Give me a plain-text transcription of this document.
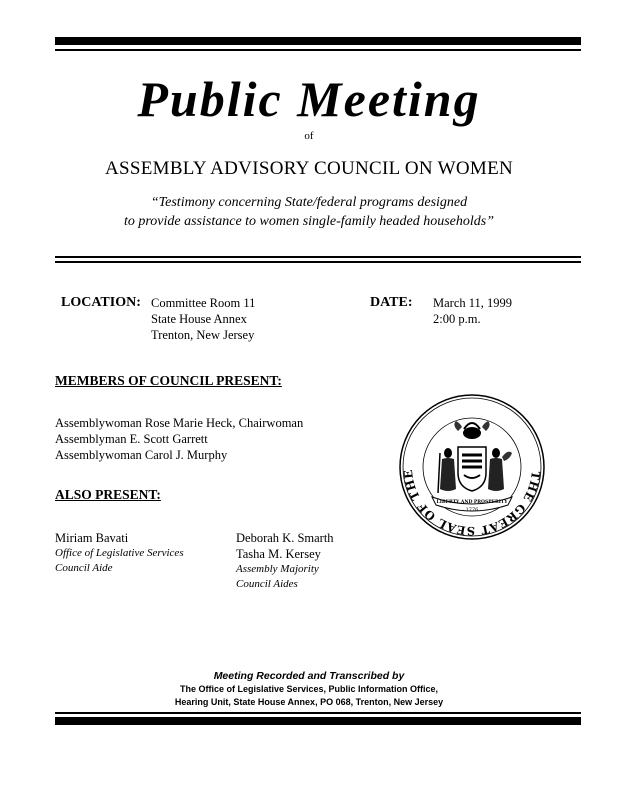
Public Meeting
of
ASSEMBLY ADVISORY COUNCIL ON WOMEN
“Testimony concerning State/federal programs designed
to provide assistance to women single-family headed households”
LOCATION: Committee Room 11
State House Annex
Trenton, New Jersey
DATE: March 11, 1999
2:00 p.m.
MEMBERS OF COUNCIL PRESENT:
Assemblywoman Rose Marie Heck, Chairwoman
Assemblyman E. Scott Garrett
Assemblywoman Carol J. Murphy
ALSO PRESENT:
Miriam Bavati
Office of Legislative Services
Council Aide
Deborah K. Smarth
Tasha M. Kersey
Assembly Majority
Council Aides
THE GREAT SEAL OF THE
LIBERTY AND PROSPERITY
1776
Meeting Recorded and Transcribed by
The Office of Legislative Services, Public Information Office,
Hearing Unit, State House Annex, PO 068, Trenton, New Jersey
